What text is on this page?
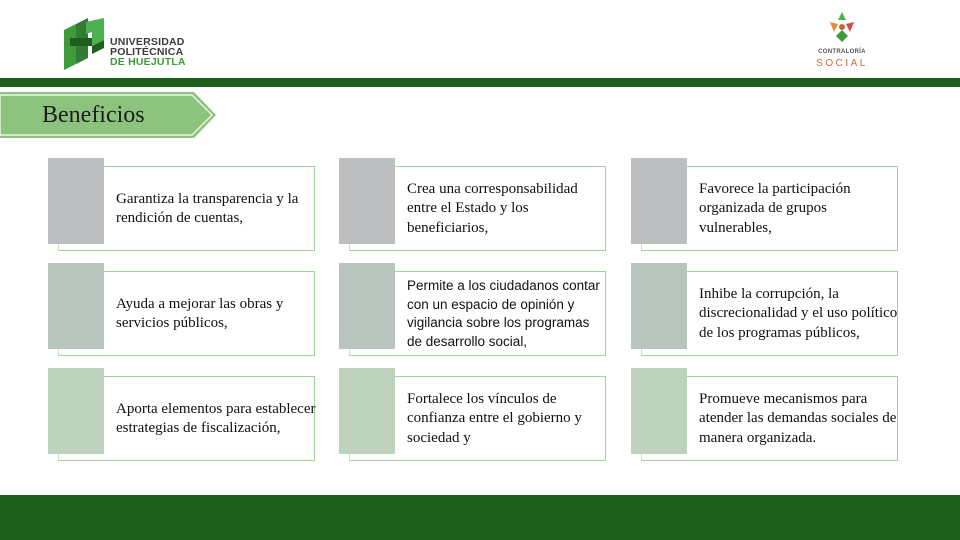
UNIVERSIDAD
POLITÉCNICA
DE HUEJUTLA
CONTRALORÍA
SOCIAL
Beneficios
Garantiza la transparencia y la rendición de cuentas,
Crea una corresponsabilidad entre el Estado y los beneficiarios,
Favorece la participación organizada de grupos vulnerables,
Ayuda a mejorar las obras y servicios públicos,
Permite a los ciudadanos contar con un espacio de opinión y vigilancia sobre los programas de desarrollo social,
Inhibe la corrupción, la discrecionalidad y el uso político de los programas públicos,
Aporta elementos para establecer estrategias de fiscalización,
Fortalece los vínculos de confianza entre el gobierno y sociedad y
Promueve mecanismos para atender las demandas sociales de manera organizada.
